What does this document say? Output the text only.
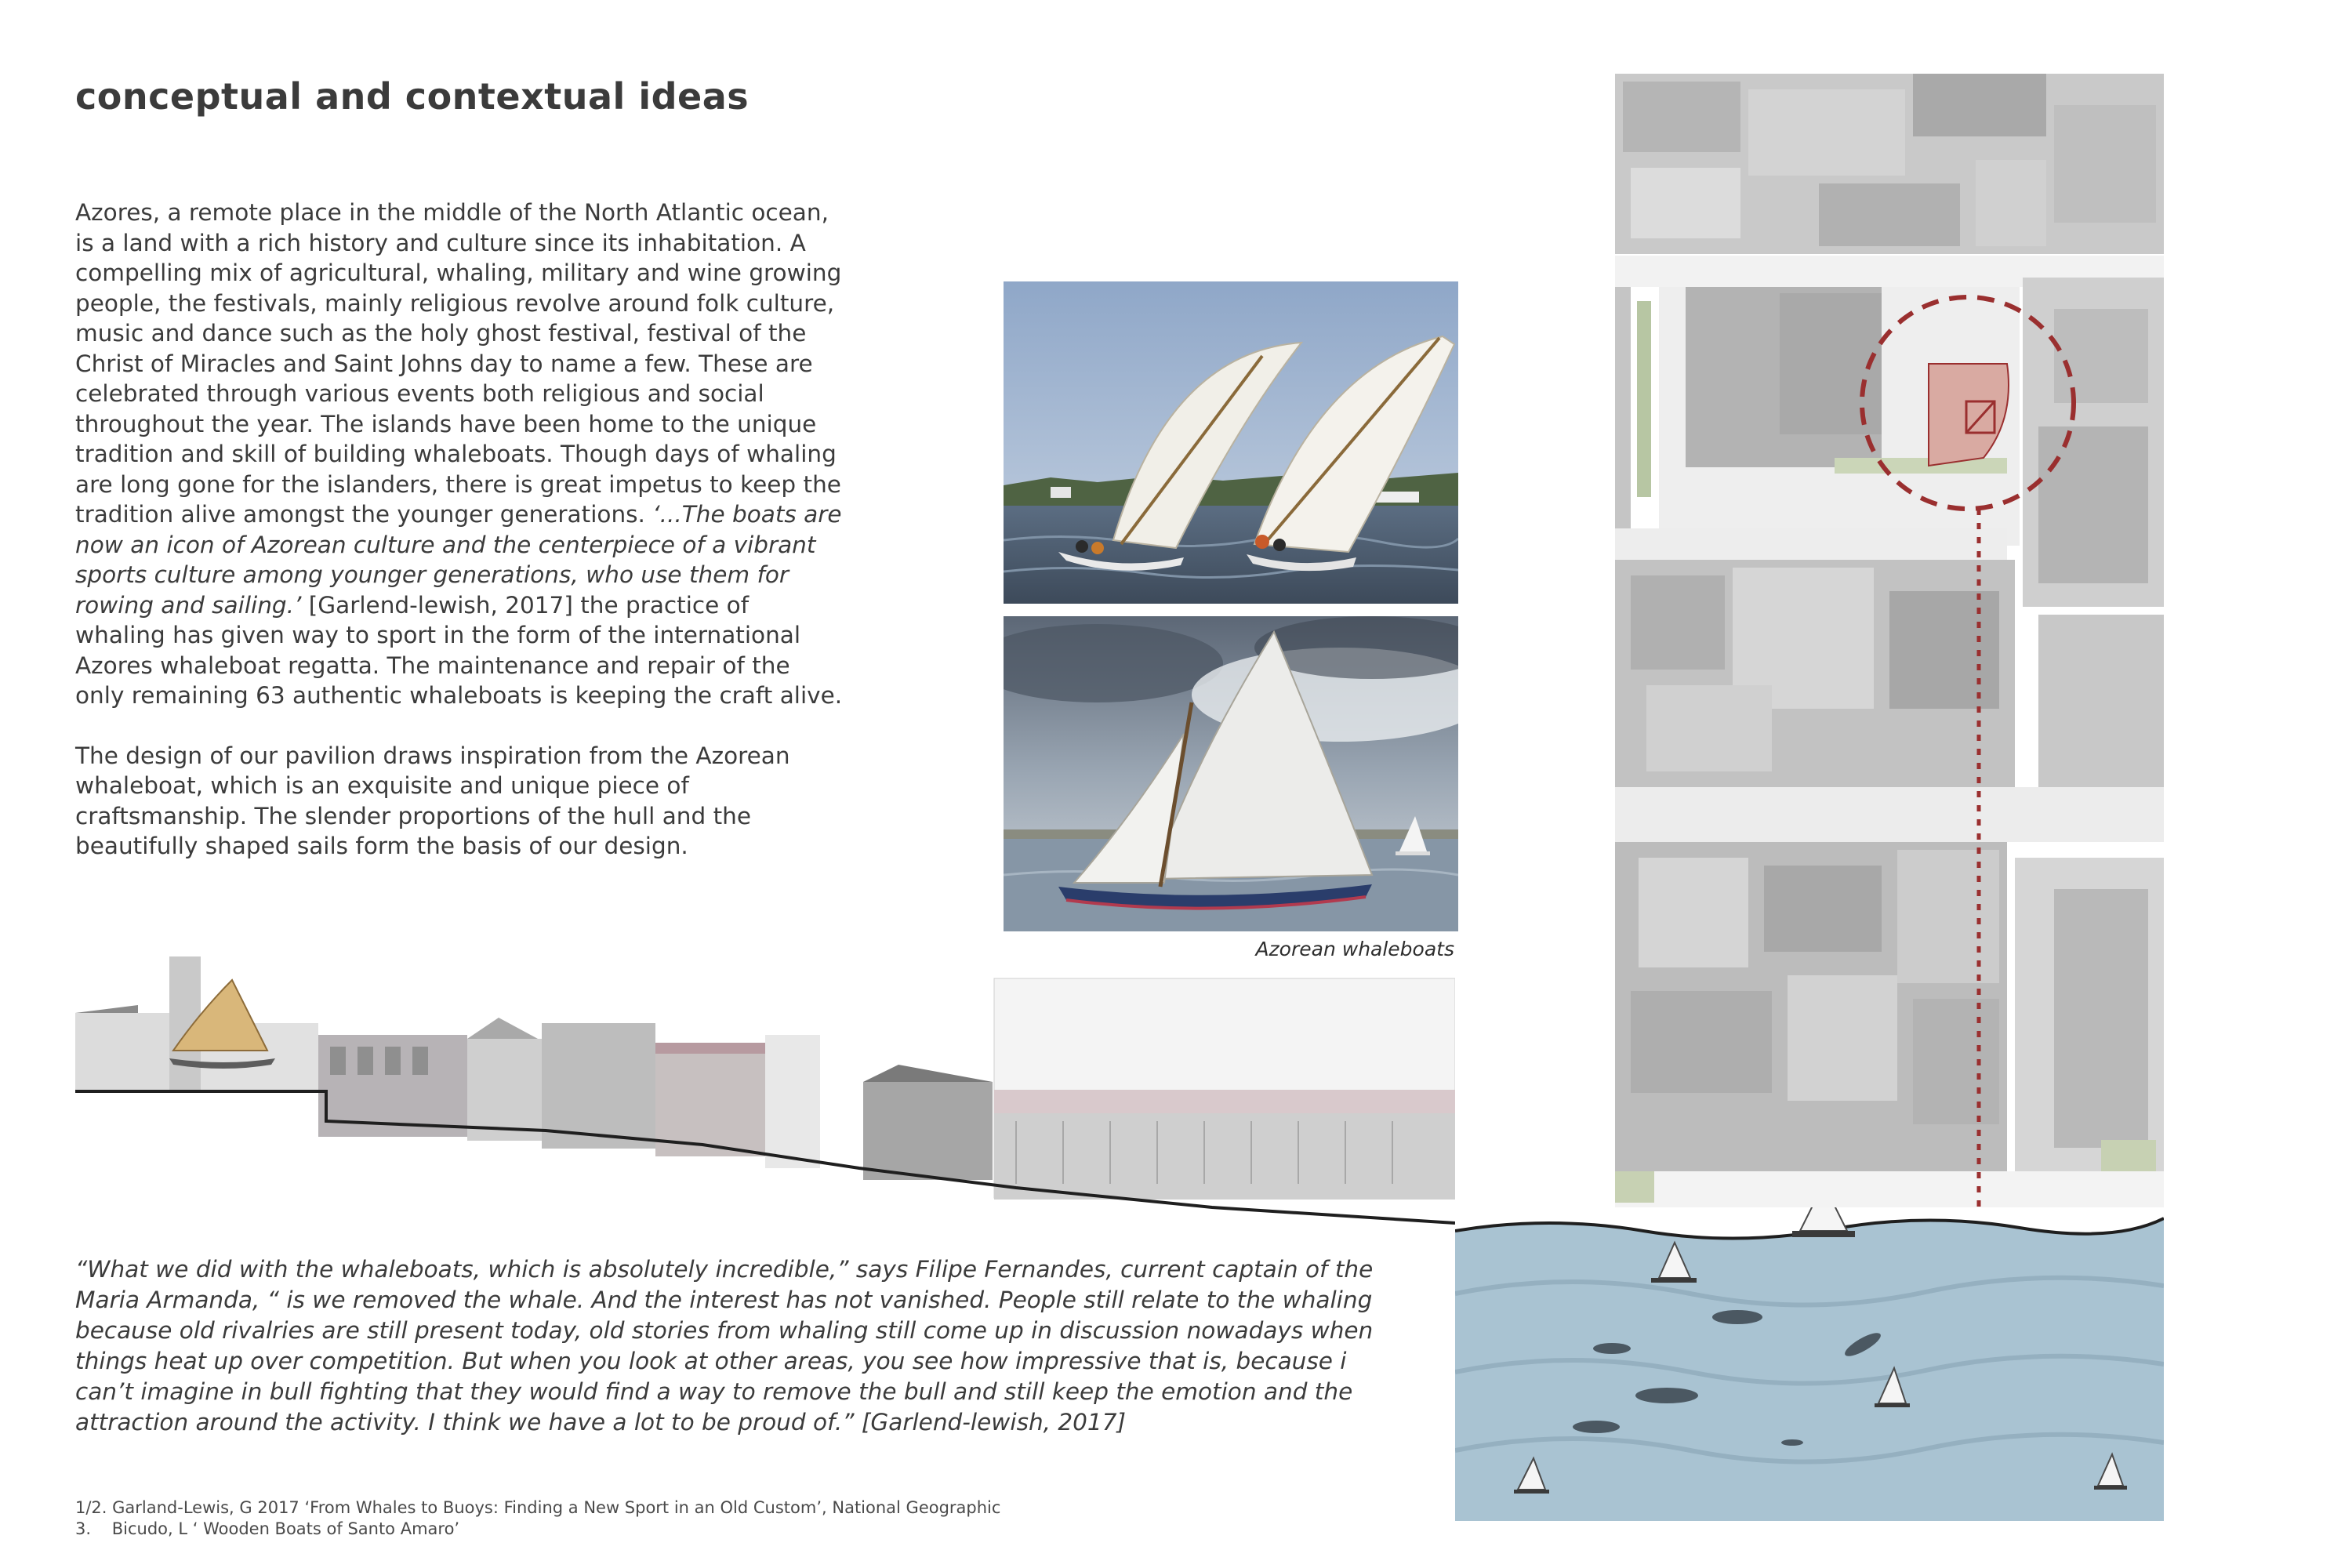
conceptual and contextual ideas

Azores, a remote place in the middle of the North Atlantic ocean, is a land with a rich history and culture since its inhabitation. A compelling mix of agricultural, whaling, military and wine growing people, the festivals, mainly religious revolve around folk culture, music and dance such as the holy ghost festival, festival of the Christ of Miracles and Saint Johns day to name a few. These are celebrated through various events both religious and social throughout the year. The islands have been home to the unique tradition and skill of building whaleboats. Though days of whaling are long gone for the islanders, there is great impetus to keep the tradition alive amongst the younger generations. ‘...The boats are now an icon of Azorean culture and the centerpiece of a vibrant sports culture among younger generations, who use them for rowing and sailing.’ [Garlend-lewish, 2017] the practice of whaling has given way to sport in the form of the international Azores whaleboat regatta. The maintenance and repair of the only remaining 63 authentic whaleboats is keeping the craft alive.

The design of our pavilion draws inspiration from the Azorean whaleboat, which is an exquisite and unique piece of craftsmanship. The slender proportions of the hull and the beautifully shaped sails form the basis of our design.

Azorean whaleboats
“What we did with the whaleboats, which is absolutely incredible,” says Filipe Fernandes, current captain of the Maria Armanda, “ is we removed the whale. And the interest has not vanished. People still relate to the whaling because old rivalries are still present today, old stories from whaling still come up in discussion nowadays when things heat up over competition. But when you look at other areas, you see how impressive that is, because i can’t imagine in bull fighting that they would find a way to remove the bull and still keep the emotion and the attraction around the activity. I think we have a lot to be proud of.” [Garlend-lewish, 2017]
1/2. Garland-Lewis, G 2017 ‘From Whales to Buoys: Finding a New Sport in an Old Custom’, National Geographic
3.    Bicudo, L ‘ Wooden Boats of Santo Amaro’
